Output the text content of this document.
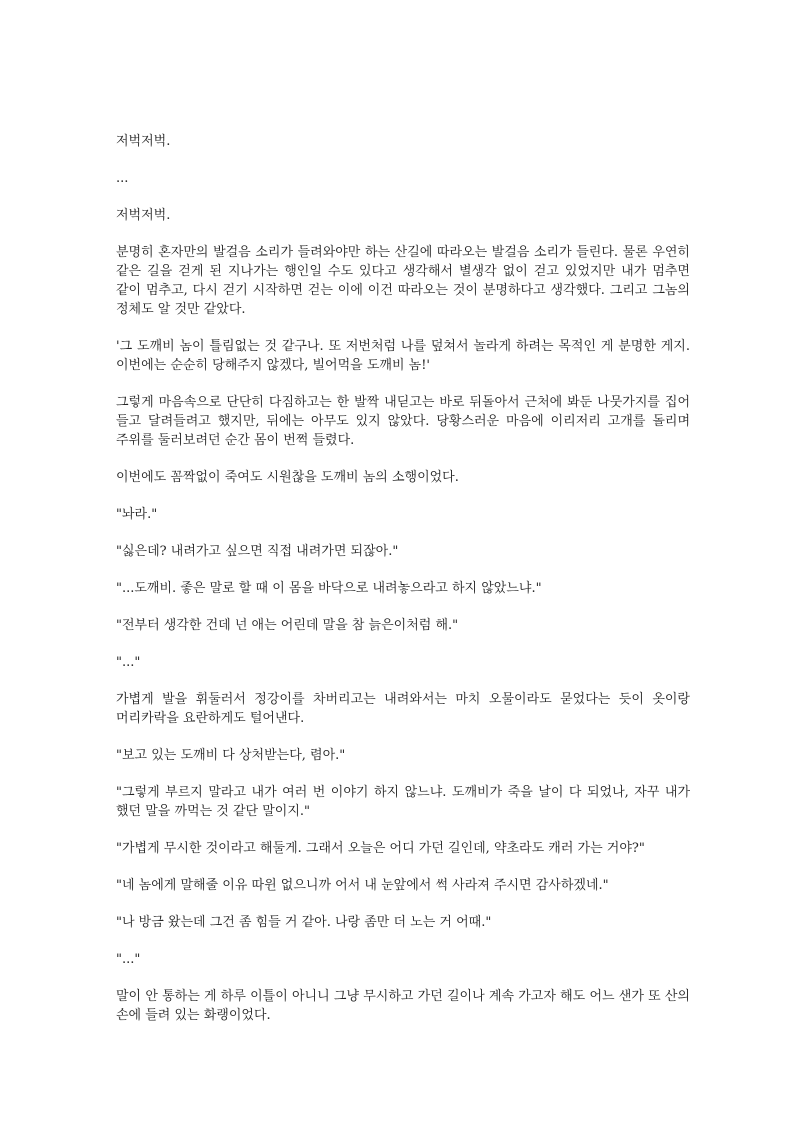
저벅저벅.

...

저벅저벅.

분명히 혼자만의 발걸음 소리가 들려와야만 하는 산길에 따라오는 발걸음 소리가 들린다. 물론 우연히 같은 길을 걷게 된 지나가는 행인일 수도 있다고 생각해서 별생각 없이 걷고 있었지만 내가 멈추면 같이 멈추고, 다시 걷기 시작하면 걷는 이에 이건 따라오는 것이 분명하다고 생각했다. 그리고 그놈의 정체도 알 것만 같았다.

'그 도깨비 놈이 틀림없는 것 같구나. 또 저번처럼 나를 덮쳐서 놀라게 하려는 목적인 게 분명한 게지. 이번에는 순순히 당해주지 않겠다, 빌어먹을 도깨비 놈!'

그렇게 마음속으로 단단히 다짐하고는 한 발짝 내딛고는 바로 뒤돌아서 근처에 봐둔 나뭇가지를 집어 들고 달려들려고 했지만, 뒤에는 아무도 있지 않았다. 당황스러운 마음에 이리저리 고개를 돌리며 주위를 둘러보려던 순간 몸이 번쩍 들렸다.

이번에도 꼼짝없이 죽여도 시원찮을 도깨비 놈의 소행이었다.

"놔라."

"싫은데? 내려가고 싶으면 직접 내려가면 되잖아."

"...도깨비. 좋은 말로 할 때 이 몸을 바닥으로 내려놓으라고 하지 않았느냐."

"전부터 생각한 건데 넌 애는 어린데 말을 참 늙은이처럼 해."

"..."

가볍게 발을 휘둘러서 정강이를 차버리고는 내려와서는 마치 오물이라도 묻었다는 듯이 옷이랑 머리카락을 요란하게도 털어낸다.

"보고 있는 도깨비 다 상처받는다, 렴아."

"그렇게 부르지 말라고 내가 여러 번 이야기 하지 않느냐. 도깨비가 죽을 날이 다 되었나, 자꾸 내가 했던 말을 까먹는 것 같단 말이지."

"가볍게 무시한 것이라고 해둘게. 그래서 오늘은 어디 가던 길인데, 약초라도 캐러 가는 거야?"

"네 놈에게 말해줄 이유 따윈 없으니까 어서 내 눈앞에서 썩 사라져 주시면 감사하겠네."

"나 방금 왔는데 그건 좀 힘들 거 같아. 나랑 좀만 더 노는 거 어때."

"..."

말이 안 통하는 게 하루 이틀이 아니니 그냥 무시하고 가던 길이나 계속 가고자 해도 어느 샌가 또 산의 손에 들려 있는 화랭이었다.
